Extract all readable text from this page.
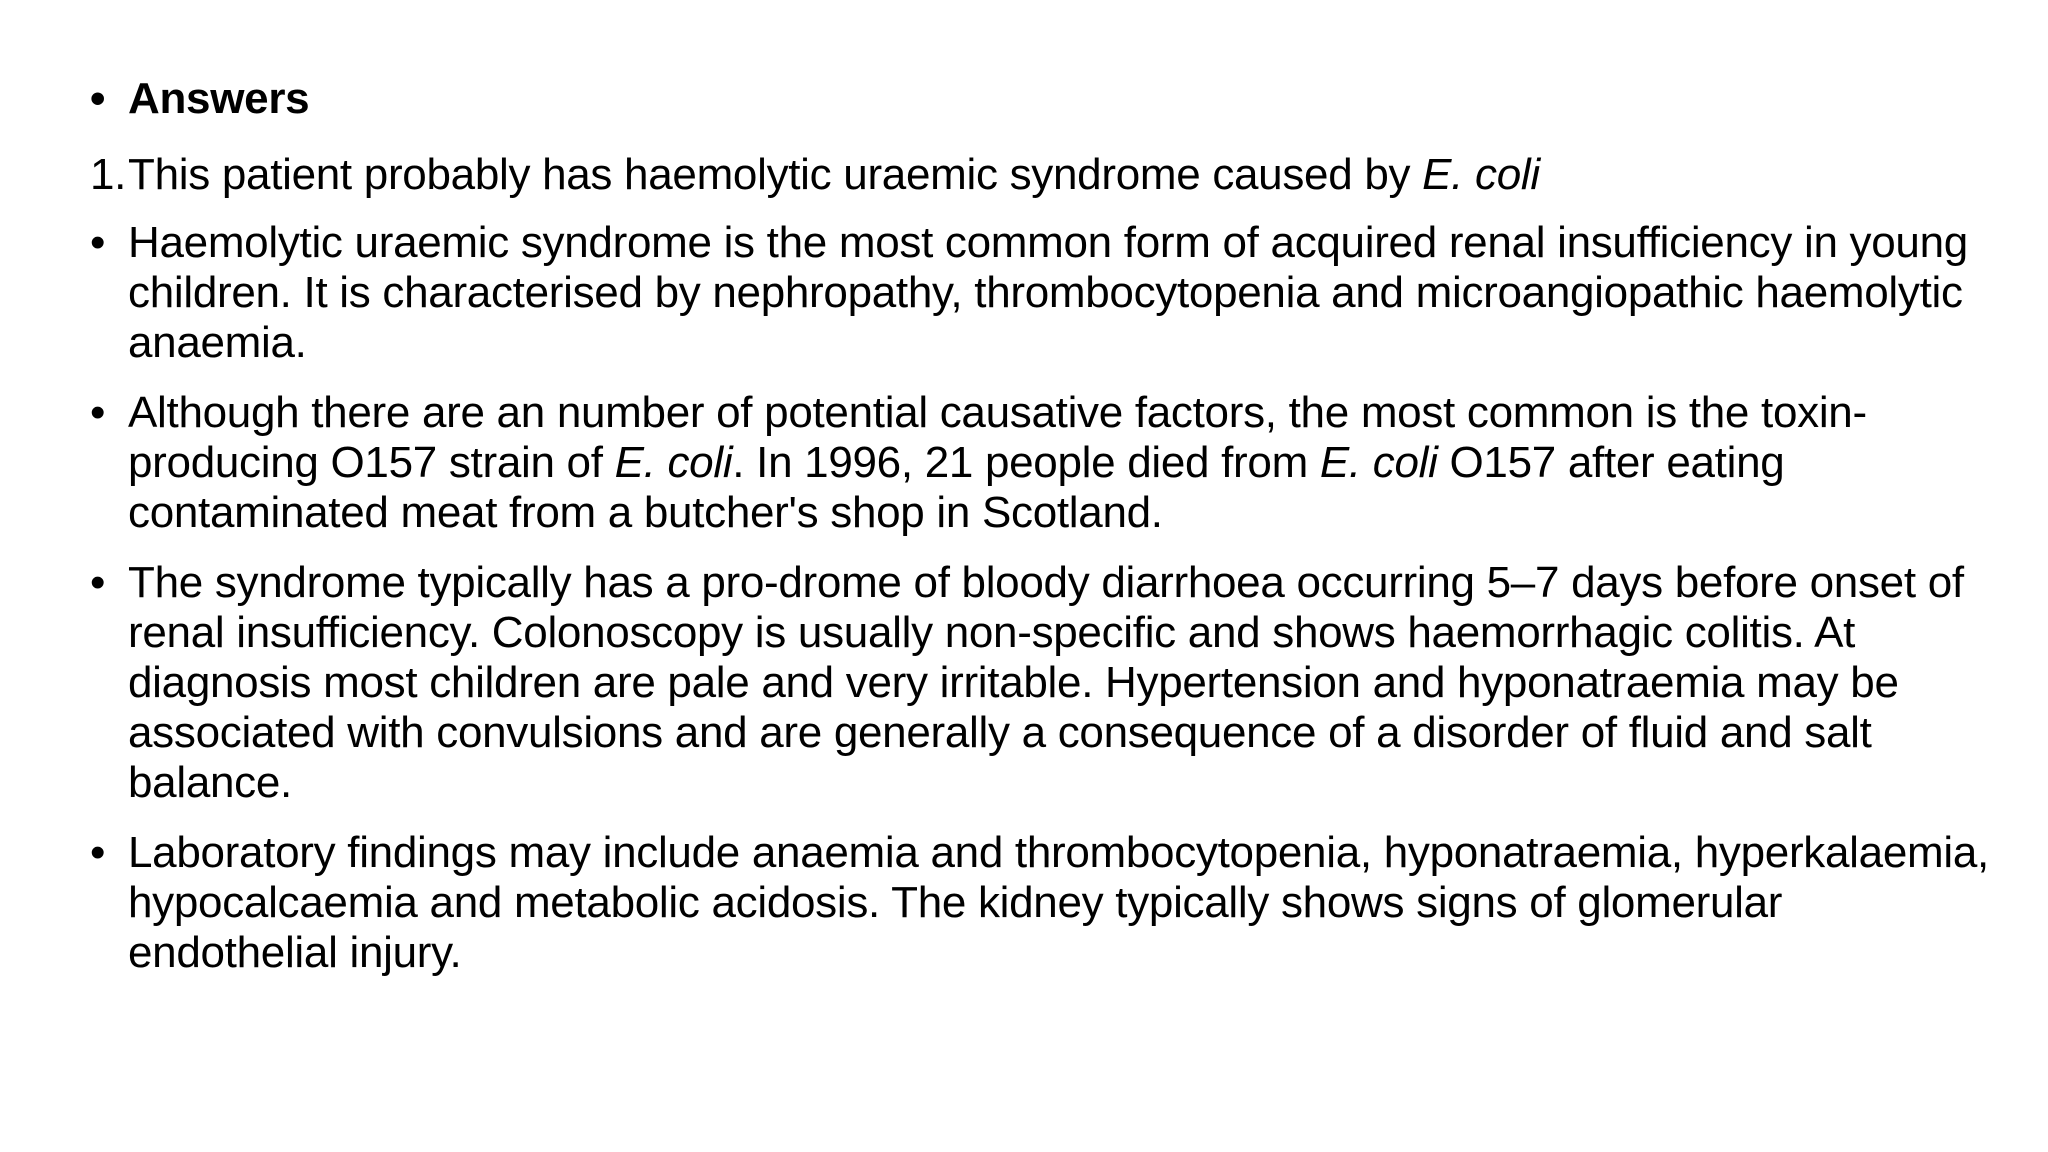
• Answers
1. This patient probably has haemolytic uraemic syndrome caused by E. coli
• Haemolytic uraemic syndrome is the most common form of acquired renal insufficiency in young children. It is characterised by nephropathy, thrombocytopenia and microangiopathic haemolytic anaemia.
• Although there are an number of potential causative factors, the most common is the toxin-producing O157 strain of E. coli. In 1996, 21 people died from E. coli O157 after eating contaminated meat from a butcher's shop in Scotland.
• The syndrome typically has a pro-drome of bloody diarrhoea occurring 5–7 days before onset of renal insufficiency. Colonoscopy is usually non-specific and shows haemorrhagic colitis. At diagnosis most children are pale and very irritable. Hypertension and hyponatraemia may be associated with convulsions and are generally a consequence of a disorder of fluid and salt balance.
• Laboratory findings may include anaemia and thrombocytopenia, hyponatraemia, hyperkalaemia, hypocalcaemia and metabolic acidosis. The kidney typically shows signs of glomerular endothelial injury.
